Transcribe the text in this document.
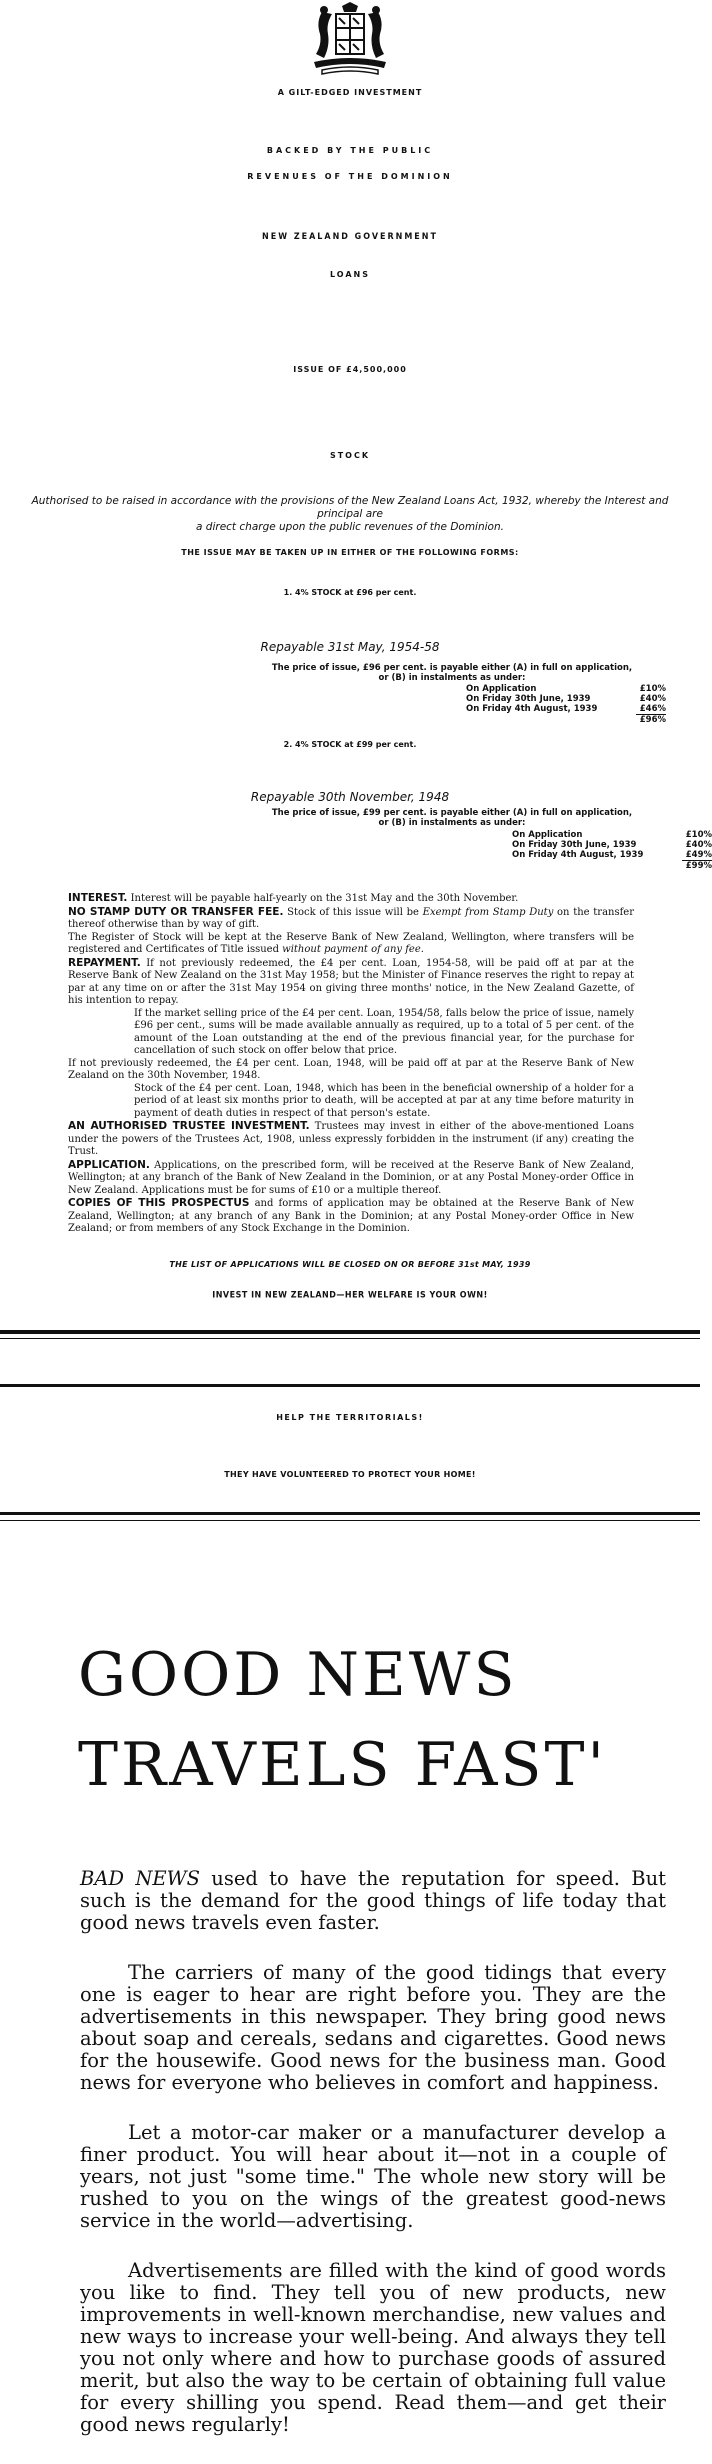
A GILT-EDGED INVESTMENT
BACKED BY THE PUBLIC
REVENUES OF THE DOMINION
NEW ZEALAND GOVERNMENT
LOANS
ISSUE OF £4,500,000
STOCK
Authorised to be raised in accordance with the provisions of the New Zealand Loans Act, 1932, whereby the Interest and principal are
a direct charge upon the public revenues of the Dominion.
THE ISSUE MAY BE TAKEN UP IN EITHER OF THE FOLLOWING FORMS:
1. 4% STOCK at £96 per cent.
Repayable 31st May, 1954-58
The price of issue, £96 per cent. is payable either (A) in full on application,
or (B) in instalments as under:
On Application	£10%
On Friday 30th June, 1939	£40%
On Friday 4th August, 1939	£46%
£96%
2. 4% STOCK at £99 per cent.
Repayable 30th November, 1948
The price of issue, £99 per cent. is payable either (A) in full on application,
or (B) in instalments as under:
On Application	£10%
On Friday 30th June, 1939	£40%
On Friday 4th August, 1939	£49%
£99%

INTEREST. Interest will be payable half-yearly on the 31st May and the 30th November.

NO STAMP DUTY OR TRANSFER FEE. Stock of this issue will be Exempt from Stamp Duty on the transfer thereof otherwise than by way of gift.

The Register of Stock will be kept at the Reserve Bank of New Zealand, Wellington, where transfers will be registered and Certificates of Title issued without payment of any fee.

REPAYMENT. If not previously redeemed, the £4 per cent. Loan, 1954-58, will be paid off at par at the Reserve Bank of New Zealand on the 31st May 1958; but the Minister of Finance reserves the right to repay at par at any time on or after the 31st May 1954 on giving three months' notice, in the New Zealand Gazette, of his intention to repay.

If the market selling price of the £4 per cent. Loan, 1954/58, falls below the price of issue, namely £96 per cent., sums will be made available annually as required, up to a total of 5 per cent. of the amount of the Loan outstanding at the end of the previous financial year, for the purchase for cancellation of such stock on offer below that price.

If not previously redeemed, the £4 per cent. Loan, 1948, will be paid off at par at the Reserve Bank of New Zealand on the 30th November, 1948.

Stock of the £4 per cent. Loan, 1948, which has been in the beneficial ownership of a holder for a period of at least six months prior to death, will be accepted at par at any time before maturity in payment of death duties in respect of that person's estate.

AN AUTHORISED TRUSTEE INVESTMENT. Trustees may invest in either of the above-mentioned Loans under the powers of the Trustees Act, 1908, unless expressly forbidden in the instrument (if any) creating the Trust.

APPLICATION. Applications, on the prescribed form, will be received at the Reserve Bank of New Zealand, Wellington; at any branch of the Bank of New Zealand in the Dominion, or at any Postal Money-order Office in New Zealand. Applications must be for sums of £10 or a multiple thereof.

COPIES OF THIS PROSPECTUS and forms of application may be obtained at the Reserve Bank of New Zealand, Wellington; at any branch of any Bank in the Dominion; at any Postal Money-order Office in New Zealand; or from members of any Stock Exchange in the Dominion.

THE LIST OF APPLICATIONS WILL BE CLOSED ON OR BEFORE 31st MAY, 1939
INVEST IN NEW ZEALAND—HER WELFARE IS YOUR OWN!
HELP THE TERRITORIALS!
THEY HAVE VOLUNTEERED TO PROTECT YOUR HOME!
GOOD NEWS
TRAVELS FAST'

BAD NEWS used to have the reputation for speed. But such is the demand for the good things of life today that good news travels even faster.

The carriers of many of the good tidings that every one is eager to hear are right before you. They are the advertisements in this newspaper. They bring good news about soap and cereals, sedans and cigarettes. Good news for the housewife. Good news for the business man. Good news for everyone who believes in comfort and happiness.

Let a motor-car maker or a manufacturer develop a finer product. You will hear about it—not in a couple of years, not just "some time." The whole new story will be rushed to you on the wings of the greatest good-news service in the world—advertising.

Advertisements are filled with the kind of good words you like to find. They tell you of new products, new improvements in well-known merchandise, new values and new ways to increase your well-being. And always they tell you not only where and how to purchase goods of assured merit, but also the way to be certain of obtaining full value for every shilling you spend. Read them—and get their good news regularly!
